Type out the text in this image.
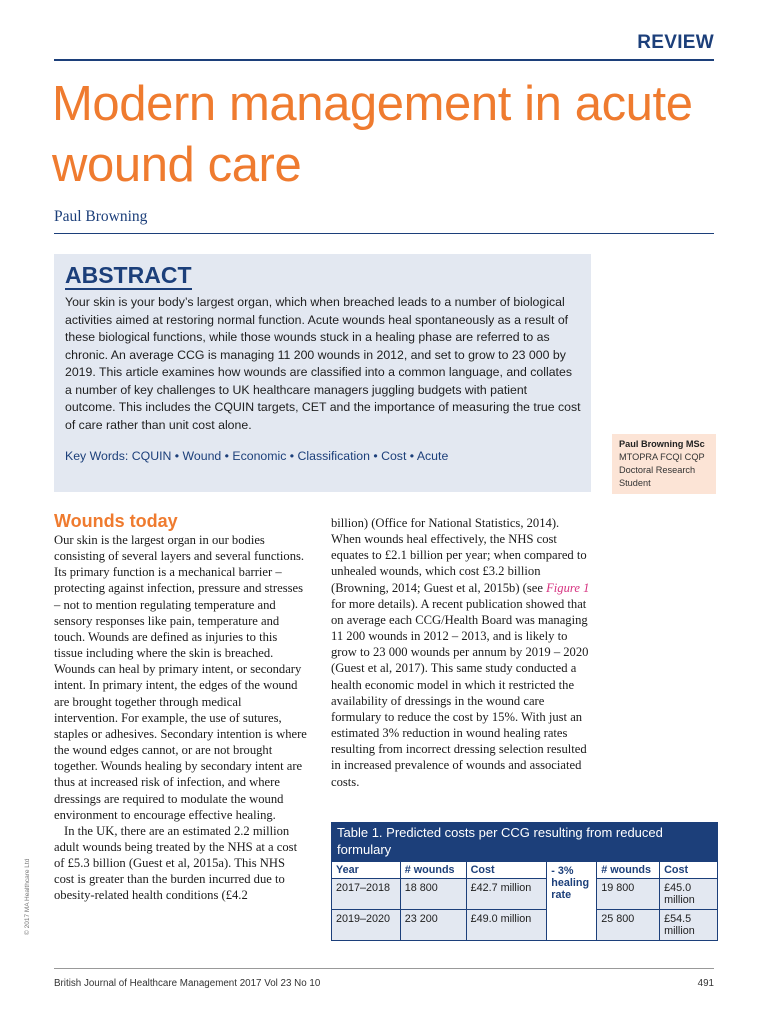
REVIEW
Modern management in acute wound care
Paul Browning
ABSTRACT

Your skin is your body’s largest organ, which when breached leads to a number of biological activities aimed at restoring normal function. Acute wounds heal spontaneously as a result of these biological functions, while those wounds stuck in a healing phase are referred to as chronic. An average CCG is managing 11 200 wounds in 2012, and set to grow to 23 000 by 2019. This article examines how wounds are classified into a common language, and collates a number of key challenges to UK healthcare managers juggling budgets with patient outcome. This includes the CQUIN targets, CET and the importance of measuring the true cost of care rather than unit cost alone.

Key Words: CQUIN • Wound • Economic • Classification • Cost • Acute

Paul Browning MSc
MTOPRA FCQI CQP
Doctoral Research Student
Wounds today

Our skin is the largest organ in our bodies consisting of several layers and several functions. Its primary function is a mechanical barrier – protecting against infection, pressure and stresses – not to mention regulating temperature and sensory responses like pain, temperature and touch. Wounds are defined as injuries to this tissue including where the skin is breached. Wounds can heal by primary intent, or secondary intent. In primary intent, the edges of the wound are brought together through medical intervention. For example, the use of sutures, staples or adhesives. Secondary intention is where the wound edges cannot, or are not brought together. Wounds healing by secondary intent are thus at increased risk of infection, and where dressings are required to modulate the wound environment to encourage effective healing.

In the UK, there are an estimated 2.2 million adult wounds being treated by the NHS at a cost of £5.3 billion (Guest et al, 2015a). This NHS cost is greater than the burden incurred due to obesity-related health conditions (£4.2

billion) (Office for National Statistics, 2014). When wounds heal effectively, the NHS cost equates to £2.1 billion per year; when compared to unhealed wounds, which cost £3.2 billion (Browning, 2014; Guest et al, 2015b) (see Figure 1 for more details). A recent publication showed that on average each CCG/Health Board was managing 11 200 wounds in 2012 – 2013, and is likely to grow to 23 000 wounds per annum by 2019 – 2020 (Guest et al, 2017). This same study conducted a health economic model in which it restricted the availability of dressings in the wound care formulary to reduce the cost by 15%. With just an estimated 3% reduction in wound healing rates resulting from incorrect dressing selection resulted in increased prevalence of wounds and associated costs.

Table 1. Predicted costs per CCG resulting from reduced formulary
Year	# wounds	Cost	- 3% healing rate	# wounds	Cost
2017–2018	18 800	£42.7 million		19 800	£45.0 million
2019–2020	23 200	£49.0 million		25 800	£54.5 million
© 2017 MA Healthcare Ltd
British Journal of Healthcare Management 2017 Vol 23 No 10	491
